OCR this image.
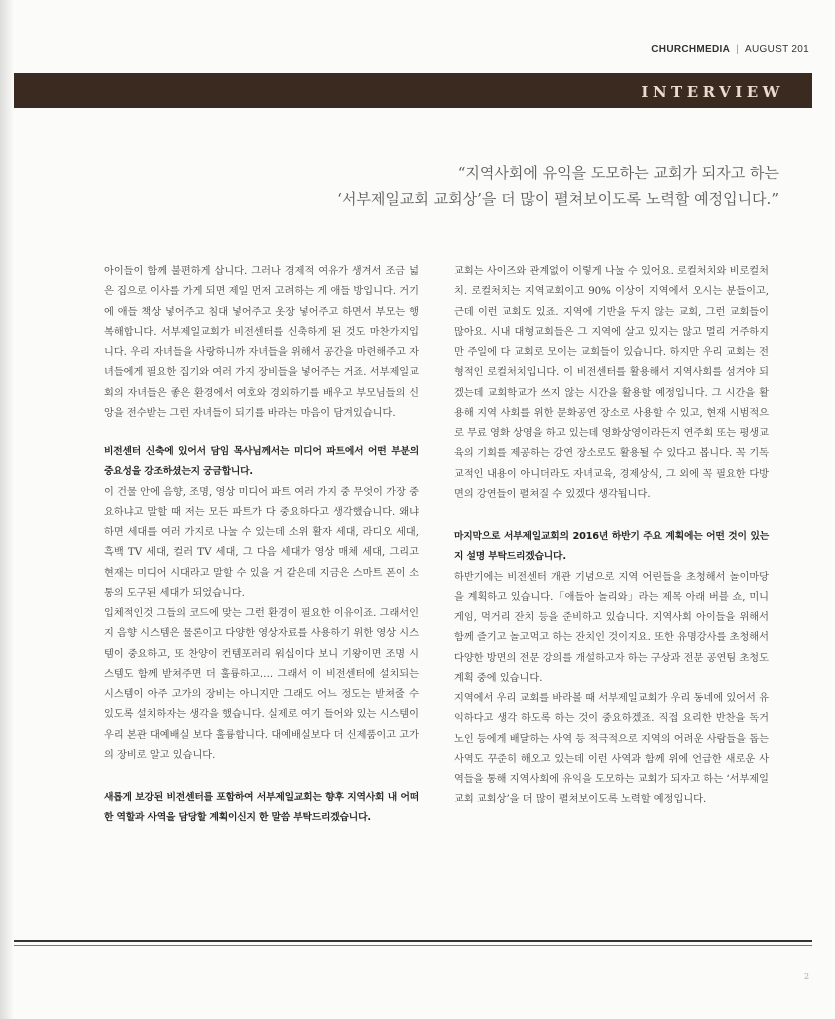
CHURCHMEDIA | AUGUST 201
INTERVIEW
“지역사회에 유익을 도모하는 교회가 되자고 하는
‘서부제일교회 교회상’을 더 많이 펼쳐보이도록 노력할 예정입니다.”

아이들이 함께 불편하게 삽니다. 그러나 경제적 여유가 생겨서 조금 넓은 집으로 이사를 가게 되면 제일 먼저 고려하는 게 애들 방입니다. 거기에 애들 책상 넣어주고 침대 넣어주고 옷장 넣어주고 하면서 부모는 행복해합니다. 서부제일교회가 비전센터를 신축하게 된 것도 마찬가지입니다. 우리 자녀들을 사랑하니까 자녀들을 위해서 공간을 마련해주고 자녀들에게 필요한 집기와 여러 가지 장비들을 넣어주는 거죠. 서부제일교회의 자녀들은 좋은 환경에서 여호와 경외하기를 배우고 부모님들의 신앙을 전수받는 그런 자녀들이 되기를 바라는 마음이 담겨있습니다.

비전센터 신축에 있어서 담임 목사님께서는 미디어 파트에서 어떤 부분의 중요성을 강조하셨는지 궁금합니다.

이 건물 안에 음향, 조명, 영상 미디어 파트 여러 가지 중 무엇이 가장 중요하냐고 말할 때 저는 모든 파트가 다 중요하다고 생각했습니다. 왜냐하면 세대를 여러 가지로 나눌 수 있는데 소위 활자 세대, 라디오 세대, 흑백 TV 세대, 컬러 TV 세대, 그 다음 세대가 영상 매체 세대, 그리고 현재는 미디어 시대라고 말할 수 있을 거 같은데 지금은 스마트 폰이 소통의 도구된 세대가 되었습니다.

입체적인것 그들의 코드에 맞는 그런 환경이 필요한 이유이죠. 그래서인지 음향 시스템은 물론이고 다양한 영상자료를 사용하기 위한 영상 시스템이 중요하고, 또 찬양이 컨템포러리 워십이다 보니 기왕이면 조명 시스템도 함께 받쳐주면 더 훌륭하고…. 그래서 이 비전센터에 설치되는 시스템이 아주 고가의 장비는 아니지만 그래도 어느 정도는 받쳐줄 수 있도록 설치하자는 생각을 했습니다. 실제로 여기 들어와 있는 시스템이 우리 본관 대예배실 보다 훌륭합니다. 대예배실보다 더 신제품이고 고가의 장비로 알고 있습니다.

새롭게 보강된 비전센터를 포함하여 서부제일교회는 향후 지역사회 내 어떠한 역할과 사역을 담당할 계획이신지 한 말씀 부탁드리겠습니다.

교회는 사이즈와 관계없이 이렇게 나눌 수 있어요. 로컬처치와 비로컬처치. 로컬처치는 지역교회이고 90% 이상이 지역에서 오시는 분들이고, 근데 이런 교회도 있죠. 지역에 기반을 두지 않는 교회, 그런 교회들이 많아요. 시내 대형교회들은 그 지역에 살고 있지는 않고 멀리 거주하지만 주일에 다 교회로 모이는 교회들이 있습니다. 하지만 우리 교회는 전형적인 로컬처치입니다. 이 비전센터를 활용해서 지역사회를 섬겨야 되겠는데 교회학교가 쓰지 않는 시간을 활용할 예정입니다. 그 시간을 활용해 지역 사회를 위한 문화공연 장소로 사용할 수 있고, 현재 시범적으로 무료 영화 상영을 하고 있는데 영화상영이라든지 연주회 또는 평생교육의 기회를 제공하는 강연 장소로도 활용될 수 있다고 봅니다. 꼭 기독교적인 내용이 아니더라도 자녀교육, 경제상식, 그 외에 꼭 필요한 다방면의 강연들이 펼쳐질 수 있겠다 생각됩니다.

마지막으로 서부제일교회의 2016년 하반기 주요 계획에는 어떤 것이 있는지 설명 부탁드리겠습니다.

하반기에는 비전센터 개관 기념으로 지역 어린들을 초청해서 놀이마당을 계획하고 있습니다.「애들아 놀리와」라는 제목 아래 버블 쇼, 미니게임, 먹거리 잔치 등을 준비하고 있습니다. 지역사회 아이들을 위해서 함께 즐기고 놀고먹고 하는 잔치인 것이지요. 또한 유명강사를 초청해서 다양한 방면의 전문 강의를 개설하고자 하는 구상과 전문 공연팀 초청도 계획 중에 있습니다.

지역에서 우리 교회를 바라볼 때 서부제일교회가 우리 동네에 있어서 유익하다고 생각 하도록 하는 것이 중요하겠죠. 직접 요리한 반찬을 독거노인 등에게 배달하는 사역 등 적극적으로 지역의 어려운 사람들을 돕는 사역도 꾸준히 해오고 있는데 이런 사역과 함께 위에 언급한 새로운 사역들을 통해 지역사회에 유익을 도모하는 교회가 되자고 하는 ‘서부제일교회 교회상’을 더 많이 펼쳐보이도록 노력할 예정입니다.

2
